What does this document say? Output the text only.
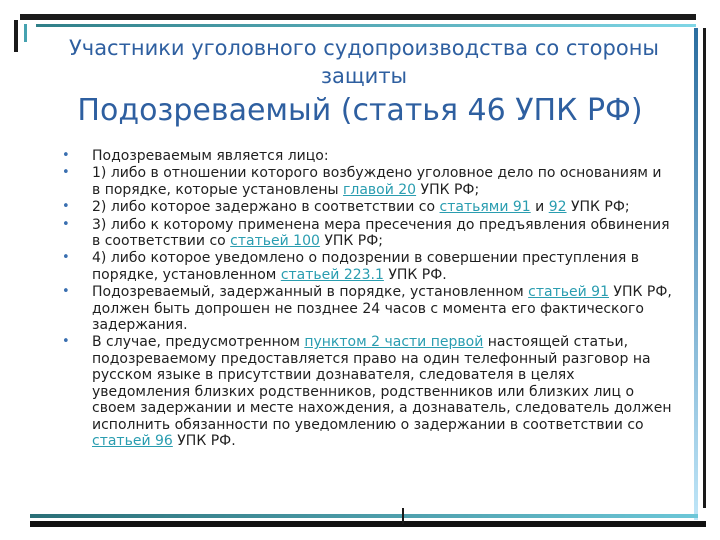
Участники уголовного судопроизводства со стороны защиты
Подозреваемый (статья 46 УПК РФ)
• Подозреваемым является лицо:
• 1) либо в отношении которого возбуждено уголовное дело по основаниям и в порядке, которые установлены главой 20 УПК РФ;
• 2) либо которое задержано в соответствии со статьями 91 и 92 УПК РФ;
• 3) либо к которому применена мера пресечения до предъявления обвинения в соответствии со статьей 100 УПК РФ;
• 4) либо которое уведомлено о подозрении в совершении преступления в порядке, установленном статьей 223.1 УПК РФ.
• Подозреваемый, задержанный в порядке, установленном статьей 91 УПК РФ, должен быть допрошен не позднее 24 часов с момента его фактического задержания.
• В случае, предусмотренном пунктом 2 части первой настоящей статьи, подозреваемому предоставляется право на один телефонный разговор на русском языке в присутствии дознавателя, следователя в целях уведомления близких родственников, родственников или близких лиц о своем задержании и месте нахождения, а дознаватель, следователь должен исполнить обязанности по уведомлению о задержании в соответствии со статьей 96 УПК РФ.
